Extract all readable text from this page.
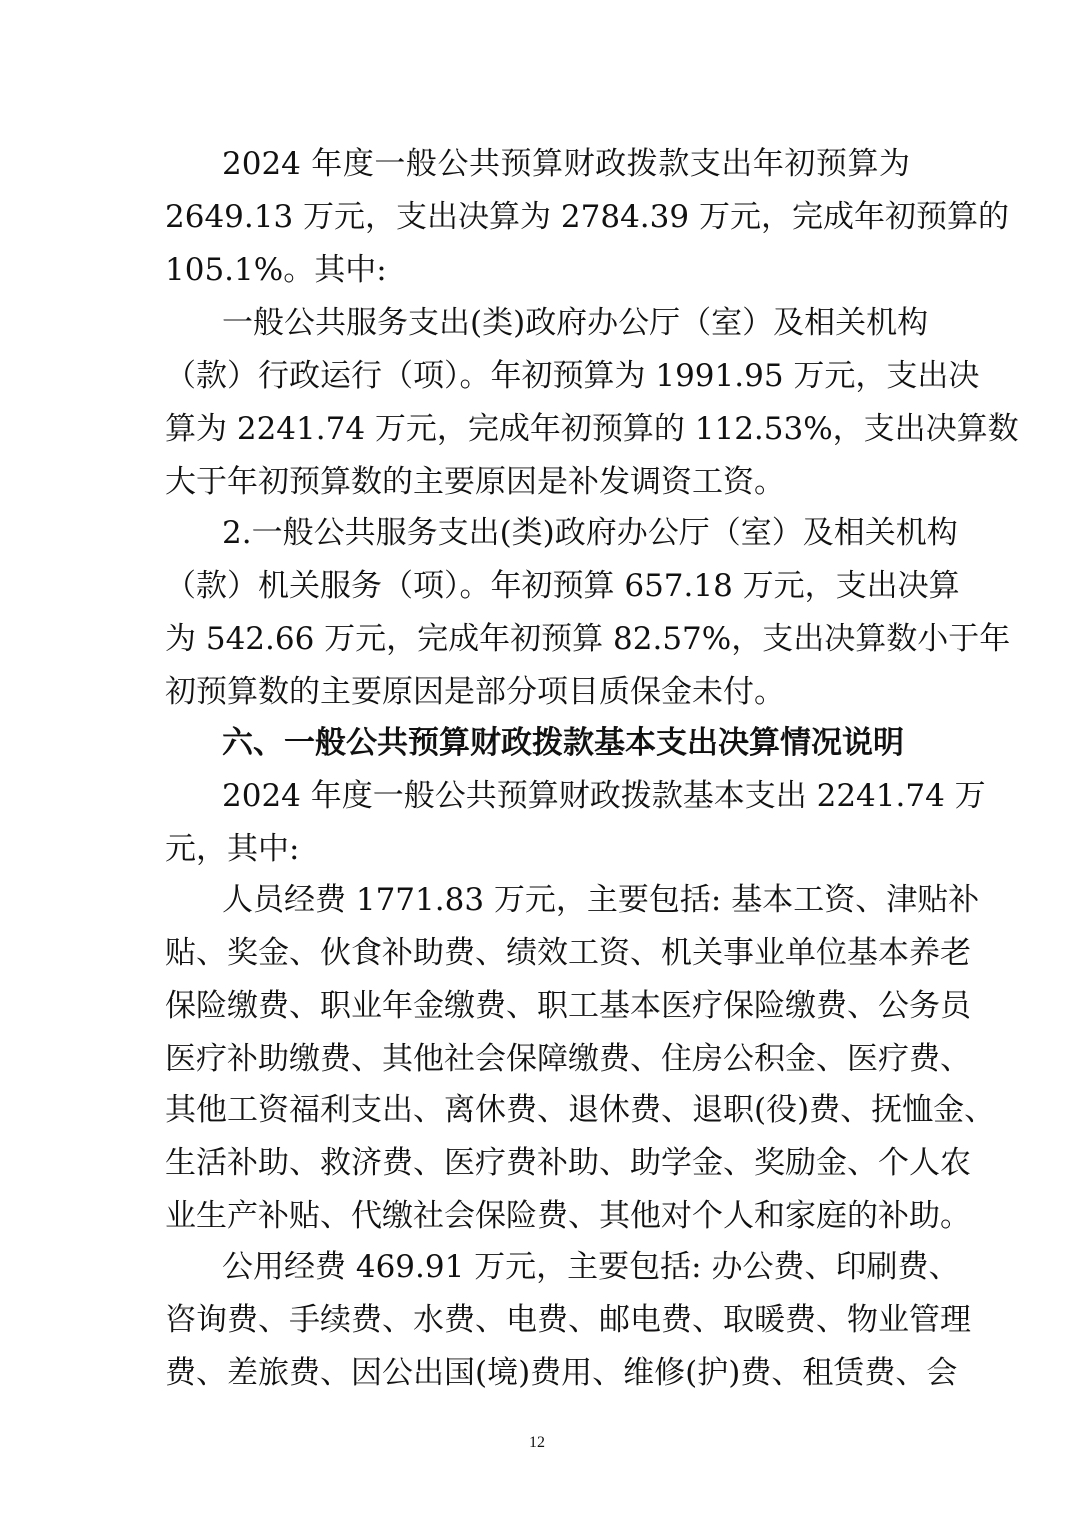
2024 年度一般公共预算财政拨款支出年初预算为
2649.13 万元，支出决算为 2784.39 万元，完成年初预算的
105.1%。其中:
一般公共服务支出(类)政府办公厅（室）及相关机构
（款）行政运行（项）。年初预算为 1991.95 万元，支出决
算为 2241.74 万元，完成年初预算的 112.53%，支出决算数
大于年初预算数的主要原因是补发调资工资。
2.一般公共服务支出(类)政府办公厅（室）及相关机构
（款）机关服务（项）。年初预算 657.18 万元，支出决算
为 542.66 万元，完成年初预算 82.57%，支出决算数小于年
初预算数的主要原因是部分项目质保金未付。
六、一般公共预算财政拨款基本支出决算情况说明
2024 年度一般公共预算财政拨款基本支出 2241.74 万
元，其中:
人员经费 1771.83 万元，主要包括: 基本工资、津贴补
贴、奖金、伙食补助费、绩效工资、机关事业单位基本养老
保险缴费、职业年金缴费、职工基本医疗保险缴费、公务员
医疗补助缴费、其他社会保障缴费、住房公积金、医疗费、
其他工资福利支出、离休费、退休费、退职(役)费、抚恤金、
生活补助、救济费、医疗费补助、助学金、奖励金、个人农
业生产补贴、代缴社会保险费、其他对个人和家庭的补助。
公用经费 469.91 万元，主要包括: 办公费、印刷费、
咨询费、手续费、水费、电费、邮电费、取暖费、物业管理
费、差旅费、因公出国(境)费用、维修(护)费、租赁费、会
12
